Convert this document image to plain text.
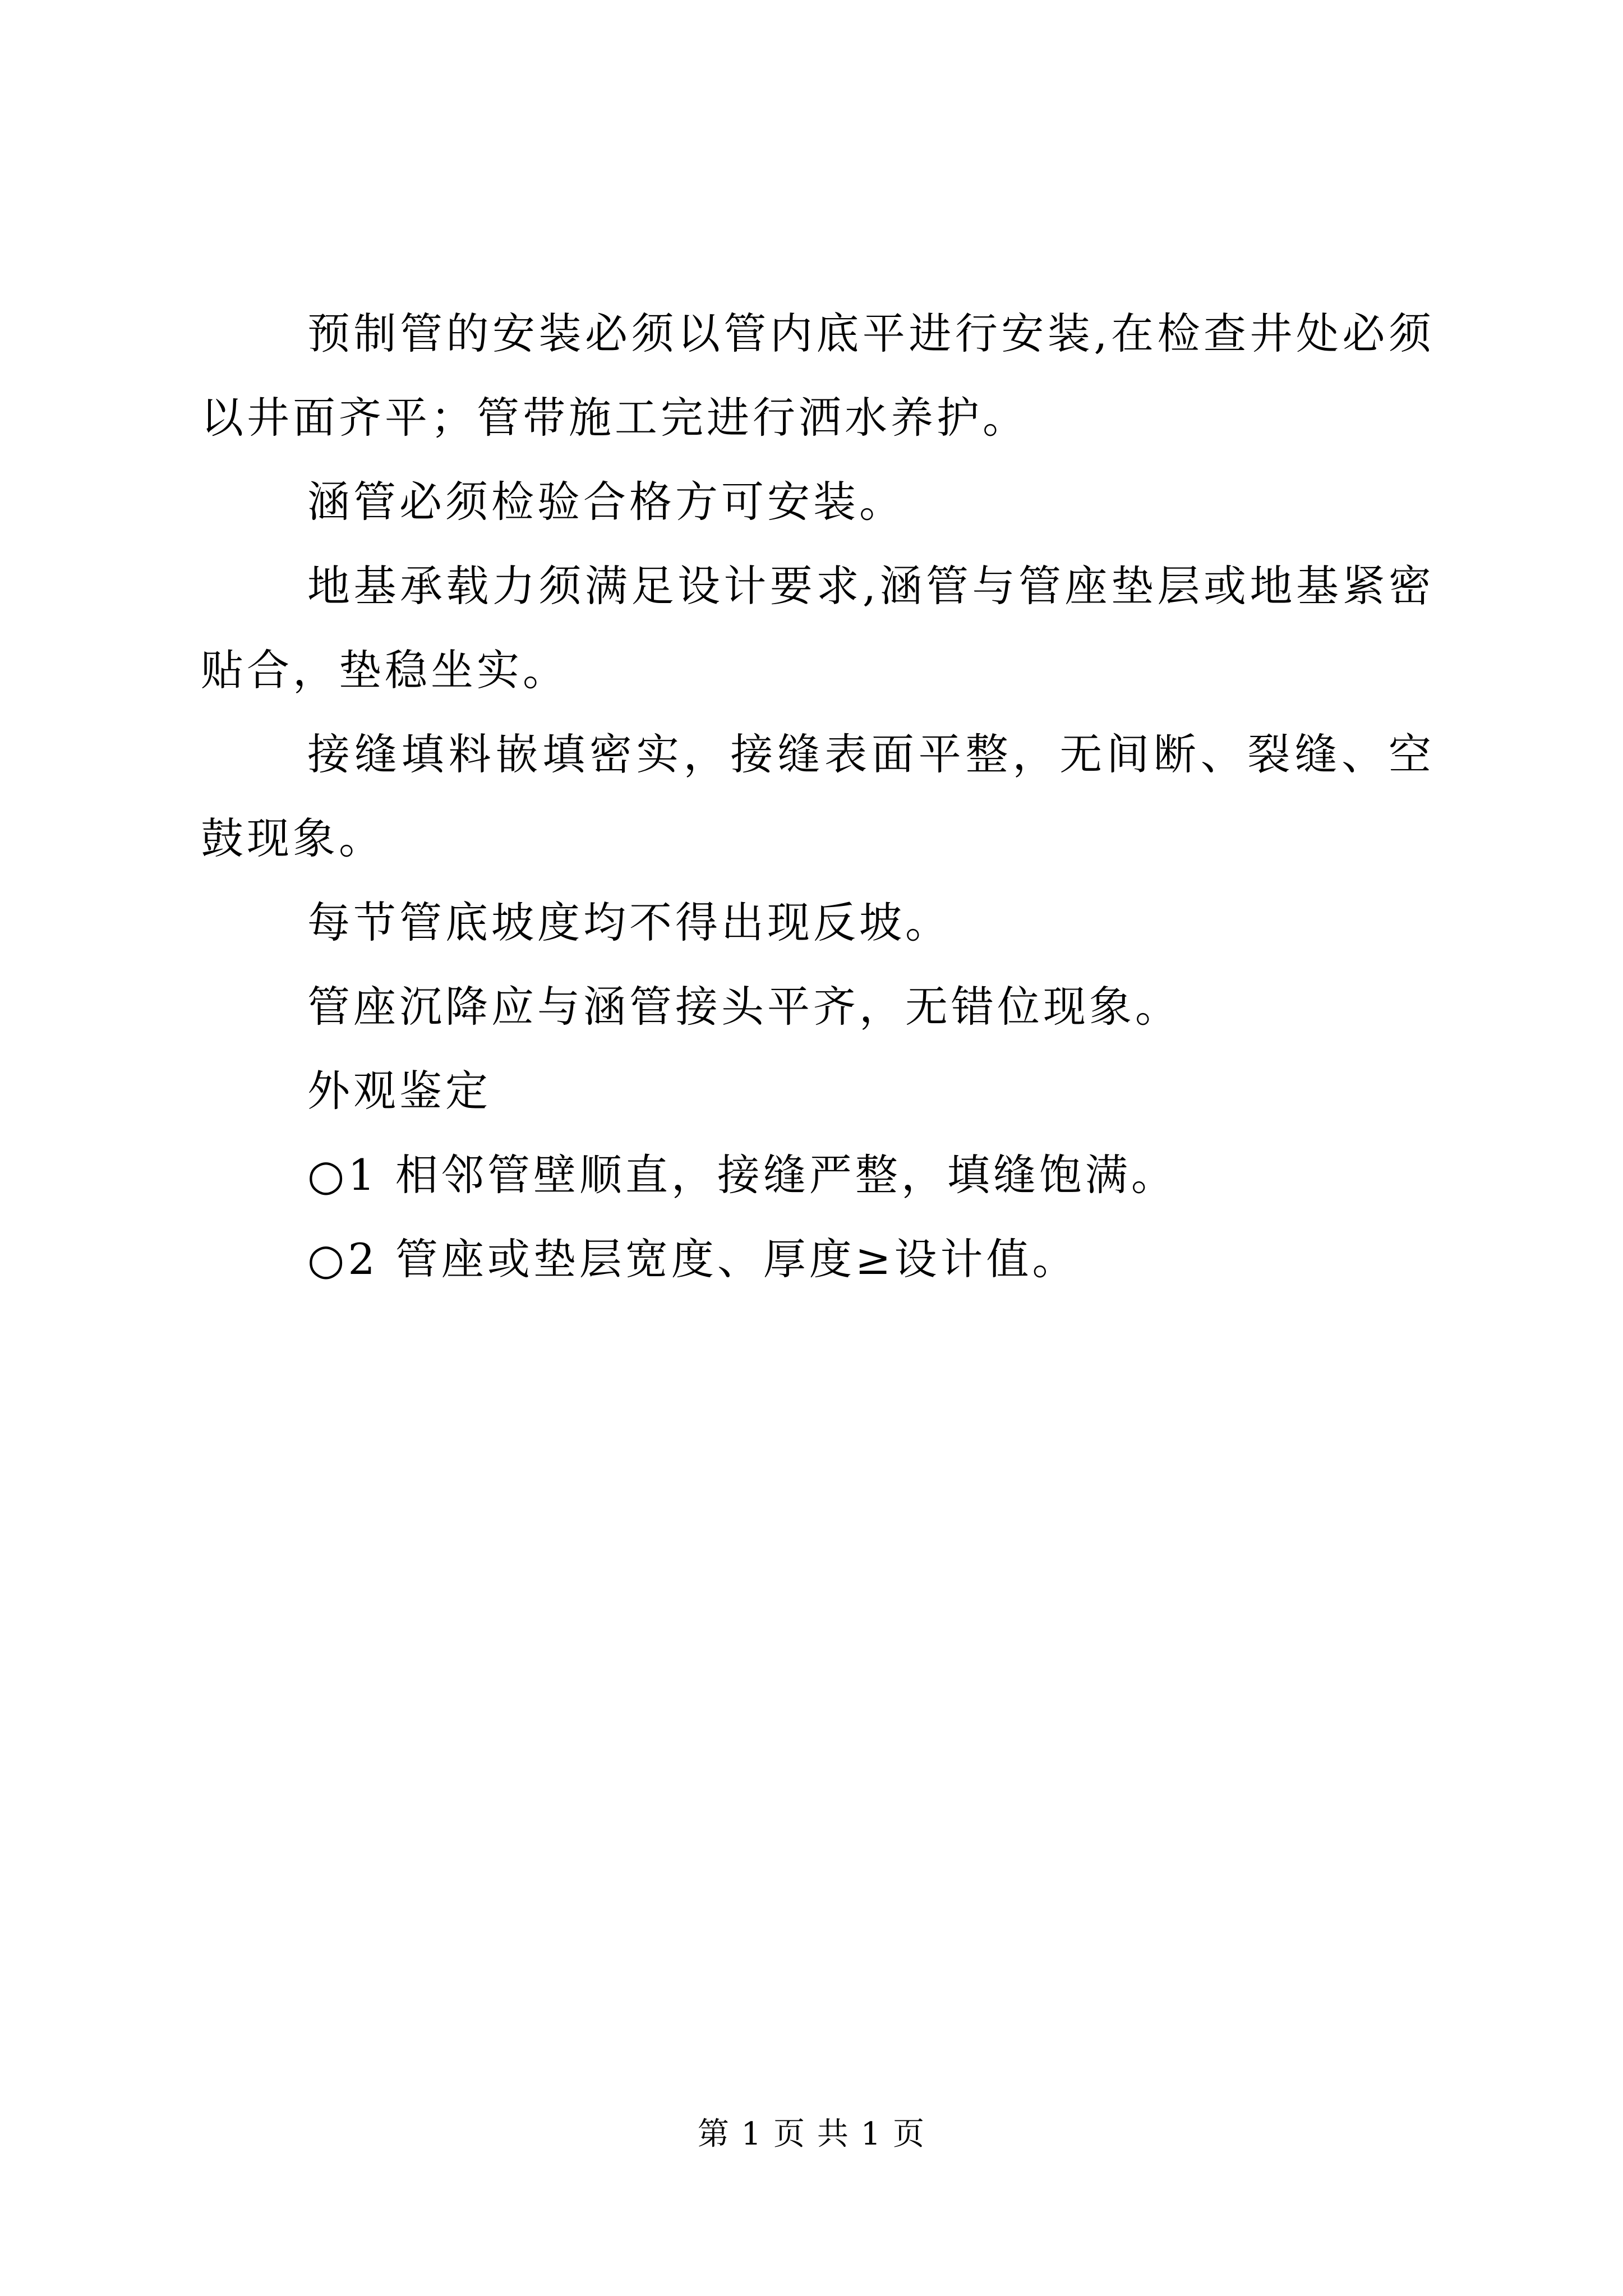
预制管的安装必须以管内底平进行安装,在检查井处必须以井面齐平；管带施工完进行洒水养护。

涵管必须检验合格方可安装。

地基承载力须满足设计要求,涵管与管座垫层或地基紧密贴合，垫稳坐实。

接缝填料嵌填密实，接缝表面平整，无间断、裂缝、空鼓现象。

每节管底坡度均不得出现反坡。

管座沉降应与涵管接头平齐，无错位现象。

外观鉴定

○1 相邻管壁顺直，接缝严整，填缝饱满。

○2 管座或垫层宽度、厚度≥设计值。

第 1 页 共 1 页
